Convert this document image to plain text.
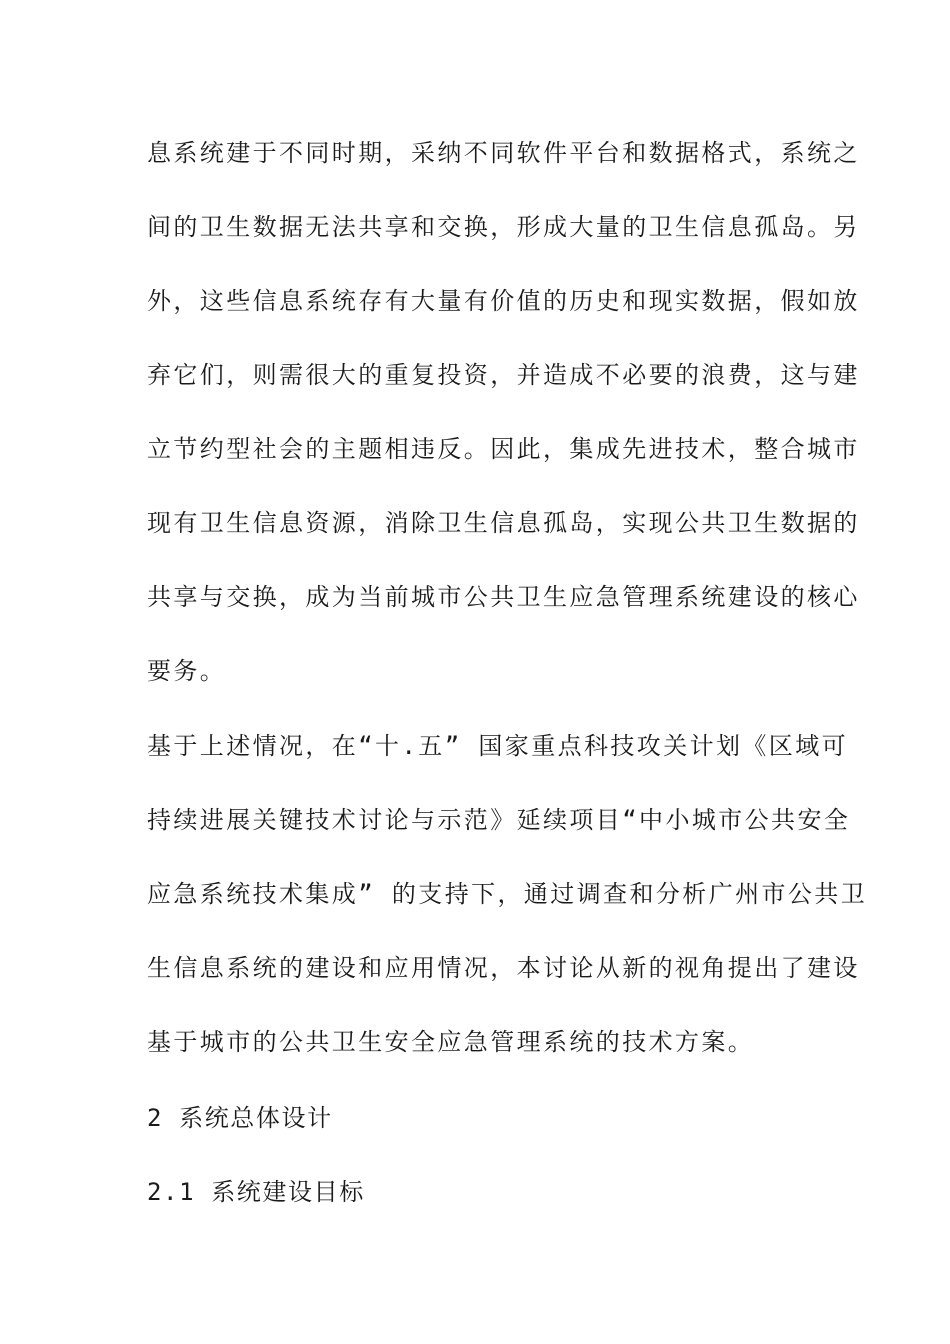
息系统建于不同时期，采纳不同软件平台和数据格式，系统之
间的卫生数据无法共享和交换，形成大量的卫生信息孤岛。另
外，这些信息系统存有大量有价值的历史和现实数据，假如放
弃它们，则需很大的重复投资，并造成不必要的浪费，这与建
立节约型社会的主题相违反。因此，集成先进技术，整合城市
现有卫生信息资源，消除卫生信息孤岛，实现公共卫生数据的
共享与交换，成为当前城市公共卫生应急管理系统建设的核心
要务。
基于上述情况，在“十.五” 国家重点科技攻关计划《区域可
持续进展关键技术讨论与示范》延续项目“中小城市公共安全
应急系统技术集成” 的支持下，通过调查和分析广州市公共卫
生信息系统的建设和应用情况，本讨论从新的视角提出了建设
基于城市的公共卫生安全应急管理系统的技术方案。
2 系统总体设计
2.1 系统建设目标
